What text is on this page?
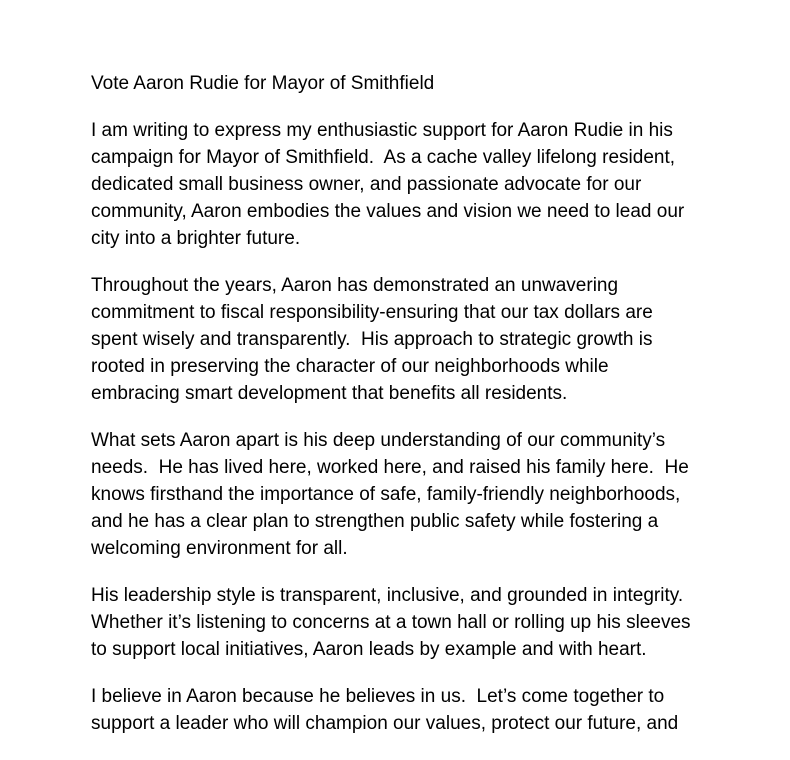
Vote Aaron Rudie for Mayor of Smithfield

I am writing to express my enthusiastic support for Aaron Rudie in his campaign for Mayor of Smithfield.  As a cache valley lifelong resident, dedicated small business owner, and passionate advocate for our community, Aaron embodies the values and vision we need to lead our city into a brighter future.

Throughout the years, Aaron has demonstrated an unwavering commitment to fiscal responsibility-ensuring that our tax dollars are spent wisely and transparently.  His approach to strategic growth is rooted in preserving the character of our neighborhoods while embracing smart development that benefits all residents.

What sets Aaron apart is his deep understanding of our community’s needs.  He has lived here, worked here, and raised his family here.  He knows firsthand the importance of safe, family-friendly neighborhoods, and he has a clear plan to strengthen public safety while fostering a welcoming environment for all.

His leadership style is transparent, inclusive, and grounded in integrity.  Whether it’s listening to concerns at a town hall or rolling up his sleeves to support local initiatives, Aaron leads by example and with heart.

I believe in Aaron because he believes in us.  Let’s come together to support a leader who will champion our values, protect our future, and
